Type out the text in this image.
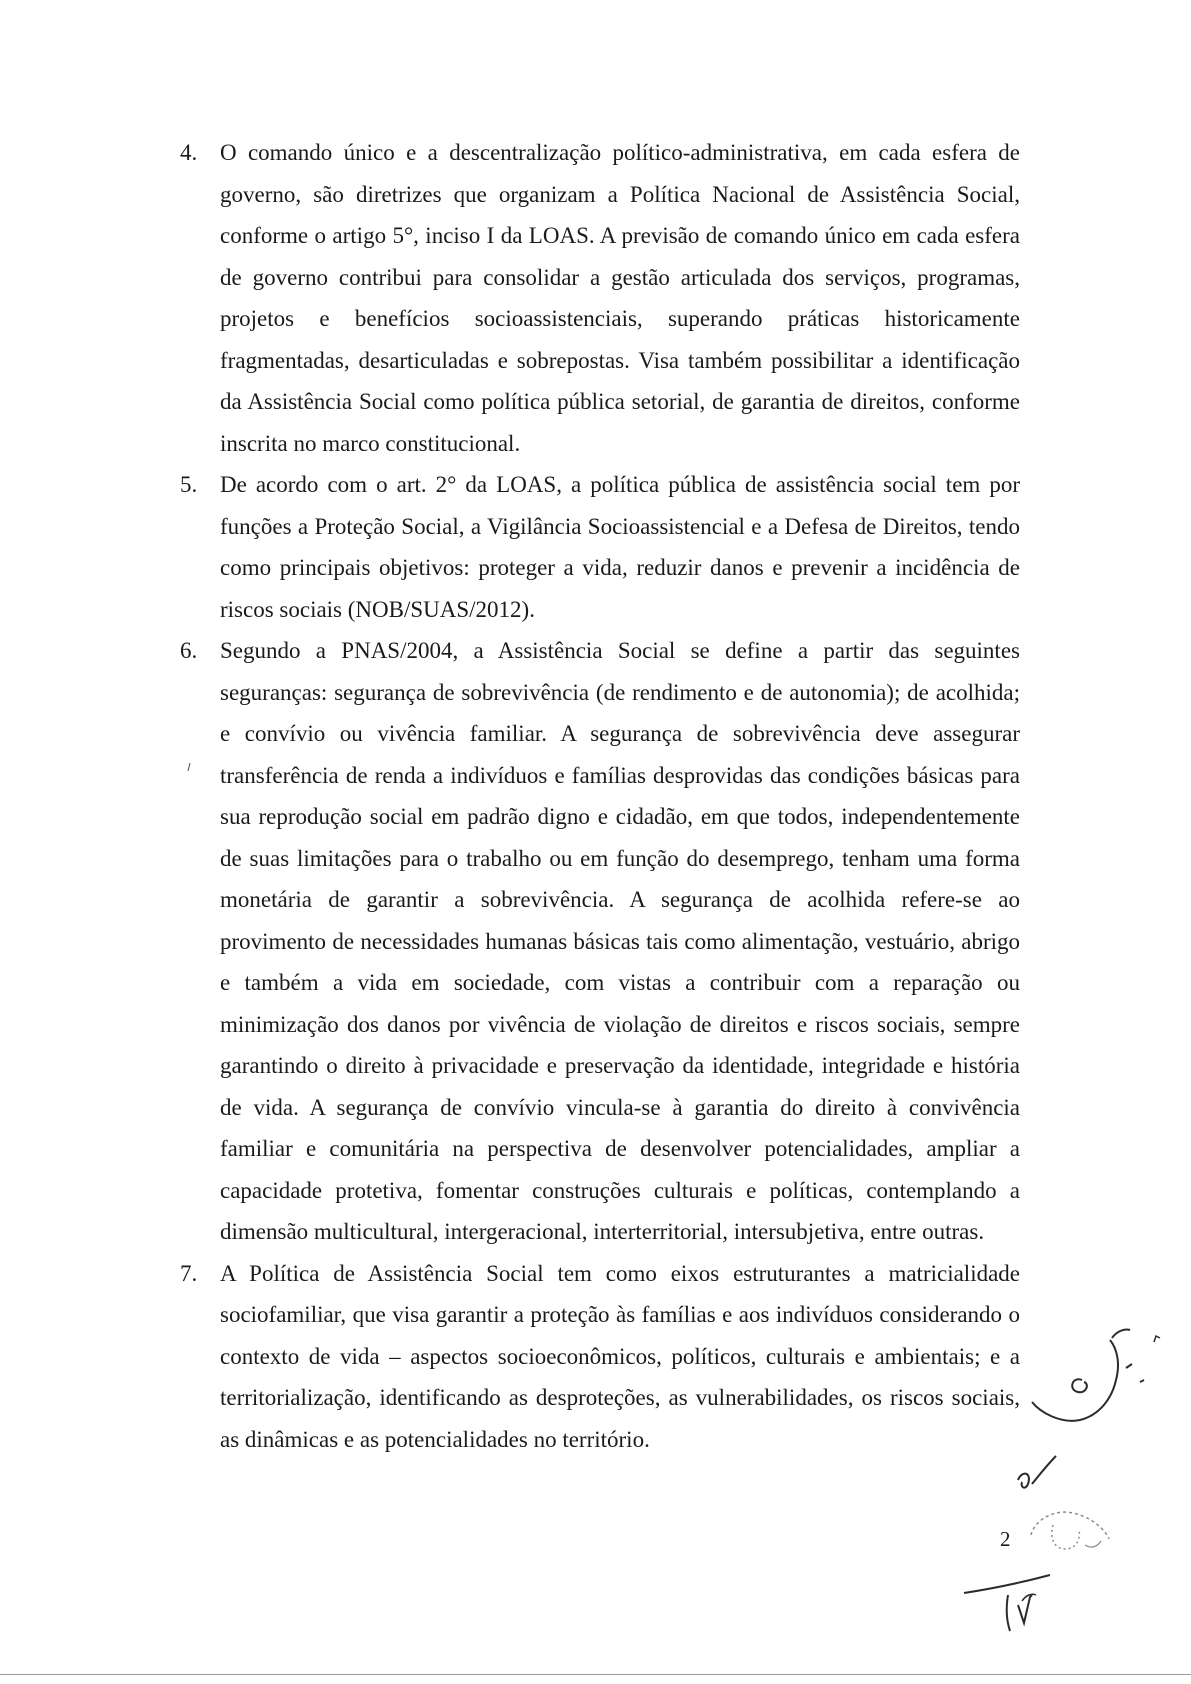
4. O comando único e a descentralização político-administrativa, em cada esfera de governo, são diretrizes que organizam a Política Nacional de Assistência Social, conforme o artigo 5°, inciso I da LOAS. A previsão de comando único em cada esfera de governo contribui para consolidar a gestão articulada dos serviços, programas, projetos e benefícios socioassistenciais, superando práticas historicamente fragmentadas, desarticuladas e sobrepostas. Visa também possibilitar a identificação da Assistência Social como política pública setorial, de garantia de direitos, conforme inscrita no marco constitucional.

5. De acordo com o art. 2° da LOAS, a política pública de assistência social tem por funções a Proteção Social, a Vigilância Socioassistencial e a Defesa de Direitos, tendo como principais objetivos: proteger a vida, reduzir danos e prevenir a incidência de riscos sociais (NOB/SUAS/2012).

6. Segundo a PNAS/2004, a Assistência Social se define a partir das seguintes seguranças: segurança de sobrevivência (de rendimento e de autonomia); de acolhida; e convívio ou vivência familiar. A segurança de sobrevivência deve assegurar transferência de renda a indivíduos e famílias desprovidas das condições básicas para sua reprodução social em padrão digno e cidadão, em que todos, independentemente de suas limitações para o trabalho ou em função do desemprego, tenham uma forma monetária de garantir a sobrevivência. A segurança de acolhida refere-se ao provimento de necessidades humanas básicas tais como alimentação, vestuário, abrigo e também a vida em sociedade, com vistas a contribuir com a reparação ou minimização dos danos por vivência de violação de direitos e riscos sociais, sempre garantindo o direito à privacidade e preservação da identidade, integridade e história de vida. A segurança de convívio vincula-se à garantia do direito à convivência familiar e comunitária na perspectiva de desenvolver potencialidades, ampliar a capacidade protetiva, fomentar construções culturais e políticas, contemplando a dimensão multicultural, intergeracional, interterritorial, intersubjetiva, entre outras.

7. A Política de Assistência Social tem como eixos estruturantes a matricialidade sociofamiliar, que visa garantir a proteção às famílias e aos indivíduos considerando o contexto de vida – aspectos socioeconômicos, políticos, culturais e ambientais; e a territorialização, identificando as desproteções, as vulnerabilidades, os riscos sociais, as dinâmicas e as potencialidades no território.

2
